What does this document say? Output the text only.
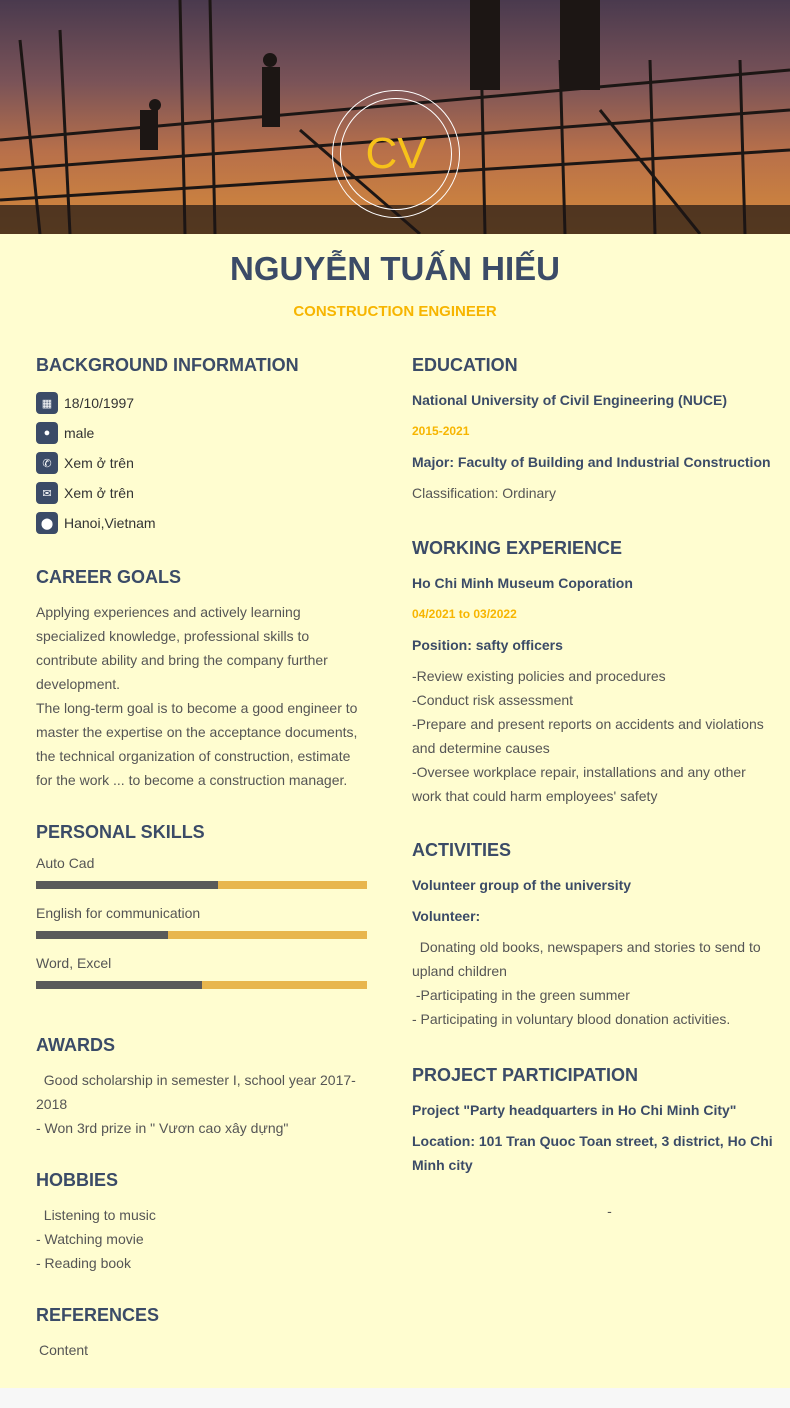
CV
NGUYỄN TUẤN HIẾU
CONSTRUCTION ENGINEER
BACKGROUND INFORMATION
▦ 18/10/1997
● male
✆ Xem ở trên
✉ Xem ở trên
⬤ Hanoi,Vietnam
CAREER GOALS

Applying experiences and actively learning

specialized knowledge, professional skills to

contribute ability and bring the company further

development.

The long-term goal is to become a good engineer to

master the expertise on the acceptance documents,

the technical organization of construction, estimate

for the work ... to become a construction manager.

PERSONAL SKILLS
Auto Cad
English for communication
Word, Excel
AWARDS

Good scholarship in semester I, school year 2017-

2018

- Won 3rd prize in " Vươn cao xây dựng"

HOBBIES

Listening to music

- Watching movie

- Reading book

REFERENCES

Content

EDUCATION
National University of Civil Engineering (NUCE)
2015-2021
Major: Faculty of Building and Industrial Construction

Classification: Ordinary

WORKING EXPERIENCE
Ho Chi Minh Museum Coporation
04/2021 to 03/2022
Position: safty officers

-Review existing policies and procedures

-Conduct risk assessment

-Prepare and present reports on accidents and violations

and determine causes

-Oversee workplace repair, installations and any other

work that could harm employees' safety

ACTIVITIES
Volunteer group of the university
Volunteer:

Donating old books, newspapers and stories to send to

upland children

-Participating in the green summer

- Participating in voluntary blood donation activities.

PROJECT PARTICIPATION
Project "Party headquarters in Ho Chi Minh City"
Location: 101 Tran Quoc Toan street, 3 district, Ho Chi
Minh city

-
